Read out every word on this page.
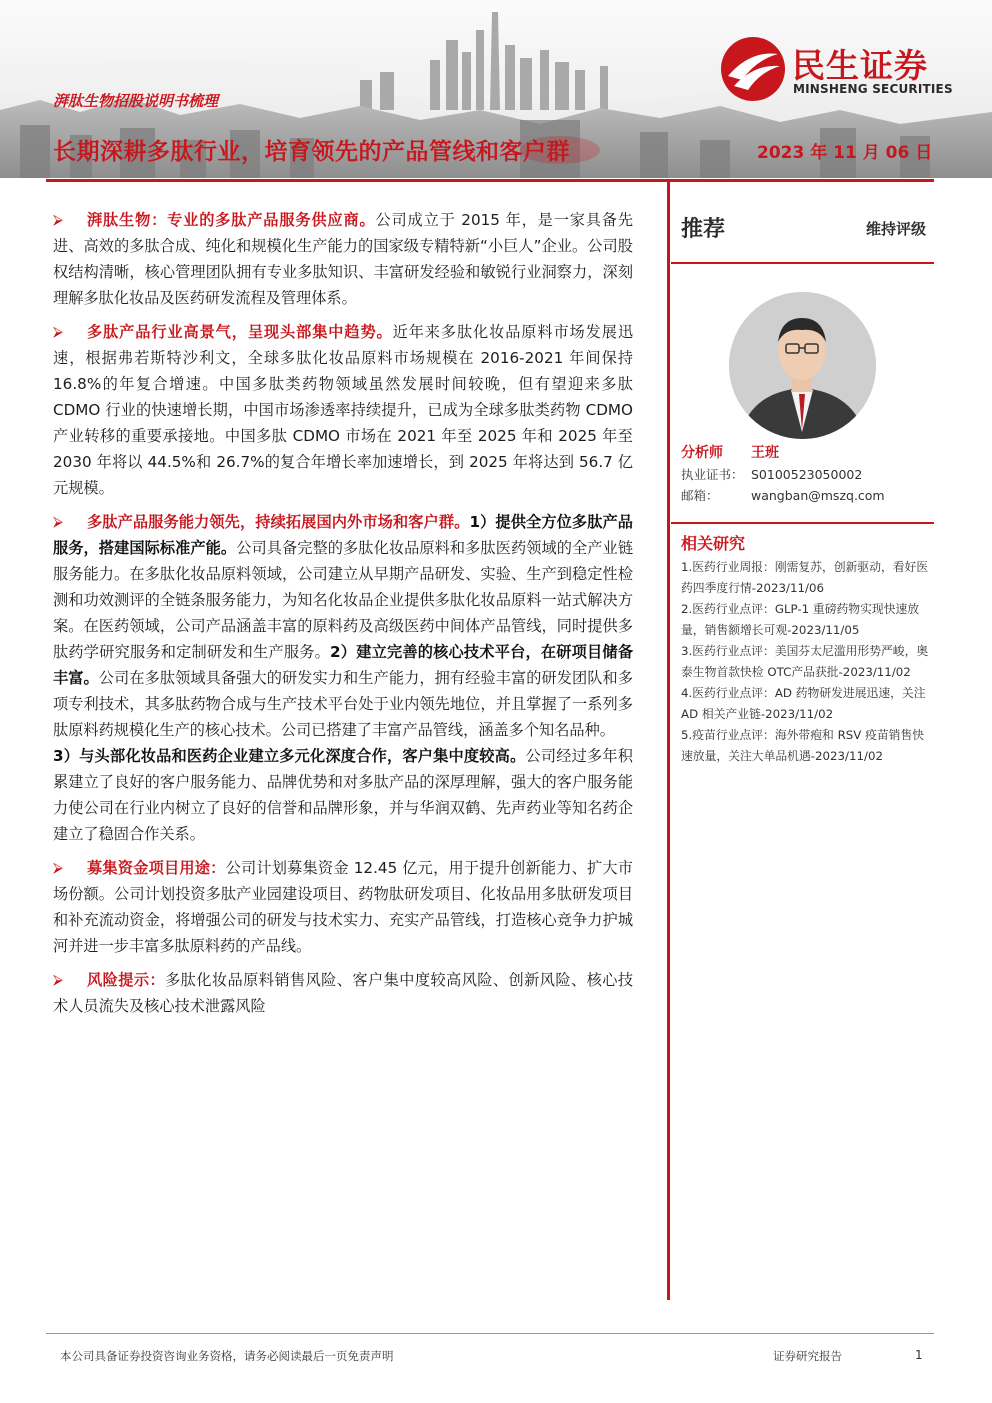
民生证券
MINSHENG SECURITIES
湃肽生物招股说明书梳理
长期深耕多肽行业，培育领先的产品管线和客户群	2023 年 11 月 06 日
⮚ 湃肽生物：专业的多肽产品服务供应商。公司成立于 2015 年，是一家具备先进、高效的多肽合成、纯化和规模化生产能力的国家级专精特新“小巨人”企业。公司股权结构清晰，核心管理团队拥有专业多肽知识、丰富研发经验和敏锐行业洞察力，深刻理解多肽化妆品及医药研发流程及管理体系。
⮚ 多肽产品行业高景气，呈现头部集中趋势。近年来多肽化妆品原料市场发展迅速，根据弗若斯特沙利文，全球多肽化妆品原料市场规模在 2016-2021 年间保持 16.8%的年复合增速。中国多肽类药物领域虽然发展时间较晚，但有望迎来多肽 CDMO 行业的快速增长期，中国市场渗透率持续提升，已成为全球多肽类药物 CDMO 产业转移的重要承接地。中国多肽 CDMO 市场在 2021 年至 2025 年和 2025 年至 2030 年将以 44.5%和 26.7%的复合年增长率加速增长，到 2025 年将达到 56.7 亿元规模。
⮚ 多肽产品服务能力领先，持续拓展国内外市场和客户群。1）提供全方位多肽产品服务，搭建国际标准产能。公司具备完整的多肽化妆品原料和多肽医药领域的全产业链服务能力。在多肽化妆品原料领域，公司建立从早期产品研发、实验、生产到稳定性检测和功效测评的全链条服务能力，为知名化妆品企业提供多肽化妆品原料一站式解决方案。在医药领域，公司产品涵盖丰富的原料药及高级医药中间体产品管线，同时提供多肽药学研究服务和定制研发和生产服务。2）建立完善的核心技术平台，在研项目储备丰富。公司在多肽领域具备强大的研发实力和生产能力，拥有经验丰富的研发团队和多项专利技术，其多肽药物合成与生产技术平台处于业内领先地位，并且掌握了一系列多肽原料药规模化生产的核心技术。公司已搭建了丰富产品管线，涵盖多个知名品种。
3）与头部化妆品和医药企业建立多元化深度合作，客户集中度较高。公司经过多年积累建立了良好的客户服务能力、品牌优势和对多肽产品的深厚理解，强大的客户服务能力使公司在行业内树立了良好的信誉和品牌形象，并与华润双鹤、先声药业等知名药企建立了稳固合作关系。
⮚ 募集资金项目用途：公司计划募集资金 12.45 亿元，用于提升创新能力、扩大市场份额。公司计划投资多肽产业园建设项目、药物肽研发项目、化妆品用多肽研发项目和补充流动资金，将增强公司的研发与技术实力、充实产品管线，打造核心竞争力护城河并进一步丰富多肽原料药的产品线。
⮚ 风险提示：多肽化妆品原料销售风险、客户集中度较高风险、创新风险、核心技术人员流失及核心技术泄露风险
推荐	维持评级
分析师 王班
执业证书： S0100523050002
邮箱：	wangban@mszq.com
相关研究
1.医药行业周报：刚需复苏，创新驱动，看好医药四季度行情-2023/11/06
2.医药行业点评：GLP-1 重磅药物实现快速放量，销售额增长可观-2023/11/05
3.医药行业点评：美国芬太尼滥用形势严峻，奥泰生物首款快检 OTC产品获批-2023/11/02
4.医药行业点评：AD 药物研发进展迅速，关注 AD 相关产业链-2023/11/02
5.疫苗行业点评：海外带疱和 RSV 疫苗销售快速放量，关注大单品机遇-2023/11/02
本公司具备证券投资咨询业务资格，请务必阅读最后一页免责声明	证券研究报告	1
